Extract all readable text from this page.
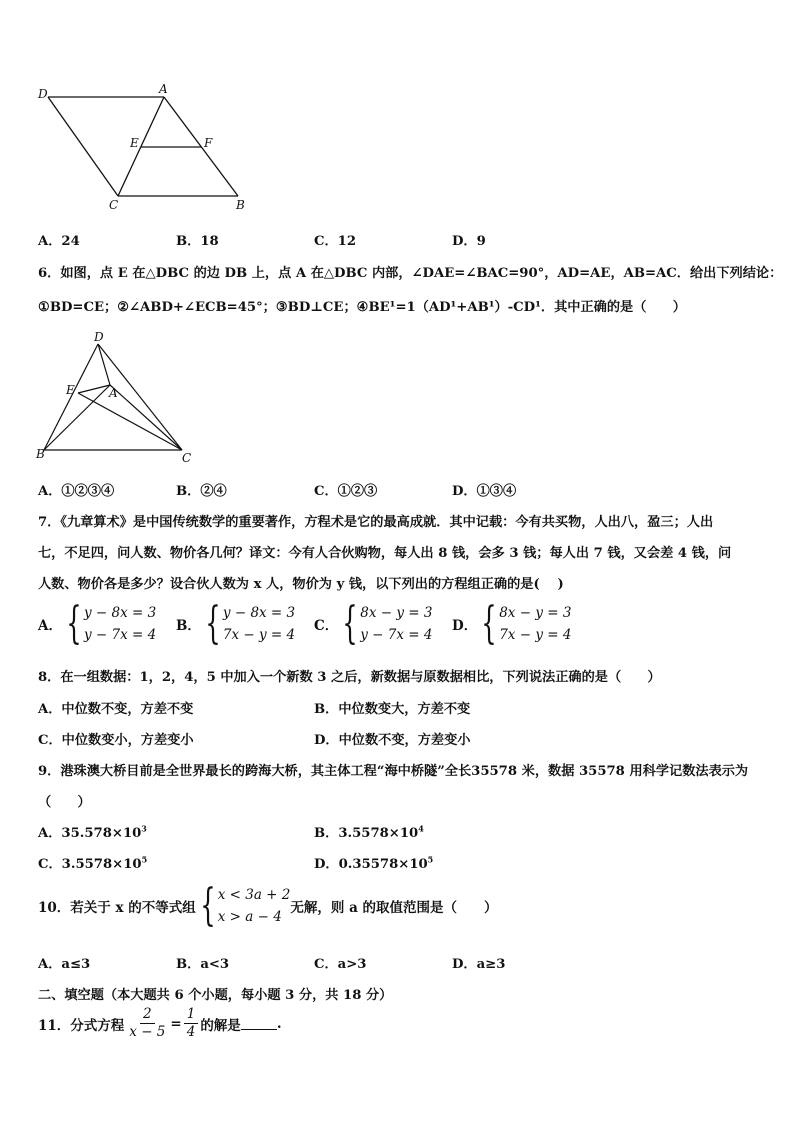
D	A
E	F
C	B
A．24	B．18	C．12	D．9
6．如图，点 E 在△DBC 的边 DB 上，点 A 在△DBC 内部，∠DAE=∠BAC=90°，AD=AE，AB=AC．给出下列结论：
①BD=CE；②∠ABD+∠ECB=45°；③BD⊥CE；④BE¹=1（AD¹+AB¹）-CD¹．其中正确的是（　　）
D
E	A
B	C
A．①②③④	B．②④	C．①②③	D．①③④
7．《九章算术》是中国传统数学的重要著作，方程术是它的最高成就．其中记载：今有共买物，人出八，盈三；人出
七，不足四，问人数、物价各几何？译文：今有人合伙购物，每人出 8 钱，会多 3 钱；每人出 7 钱，又会差 4 钱，问
人数、物价各是多少？设合伙人数为 x 人，物价为 y 钱，以下列出的方程组正确的是(　 )
A． { y − 8x = 3
y − 7x = 4
B． { y − 8x = 3
7x − y = 4
C． { 8x − y = 3
y − 7x = 4
D． { 8x − y = 3
7x − y = 4
8．在一组数据：1，2，4，5 中加入一个新数 3 之后，新数据与原数据相比，下列说法正确的是（　　）
A．中位数不变，方差不变	B．中位数变大，方差不变
C．中位数变小，方差变小	D．中位数不变，方差变小
9．港珠澳大桥目前是全世界最长的跨海大桥，其主体工程“海中桥隧”全长35578 米，数据 35578 用科学记数法表示为
（　　）
A．$35.578\times 10^3$	B．$3.5578\times 10^4$
C．$3.5578\times 10^5$	D．$0.35578\times 10^5$
10．若关于 x 的不等式组 { x < 3a + 2
x > a − 4
无解，则 a 的取值范围是（　　）
A．a≤3	B．a<3	C．a>3	D．a≥3
二、填空题（本大题共 6 个小题，每小题 3 分，共 18 分）
11．分式方程 $\frac{2}{x - 5} = \frac{1}{4}$ 的解是	.
